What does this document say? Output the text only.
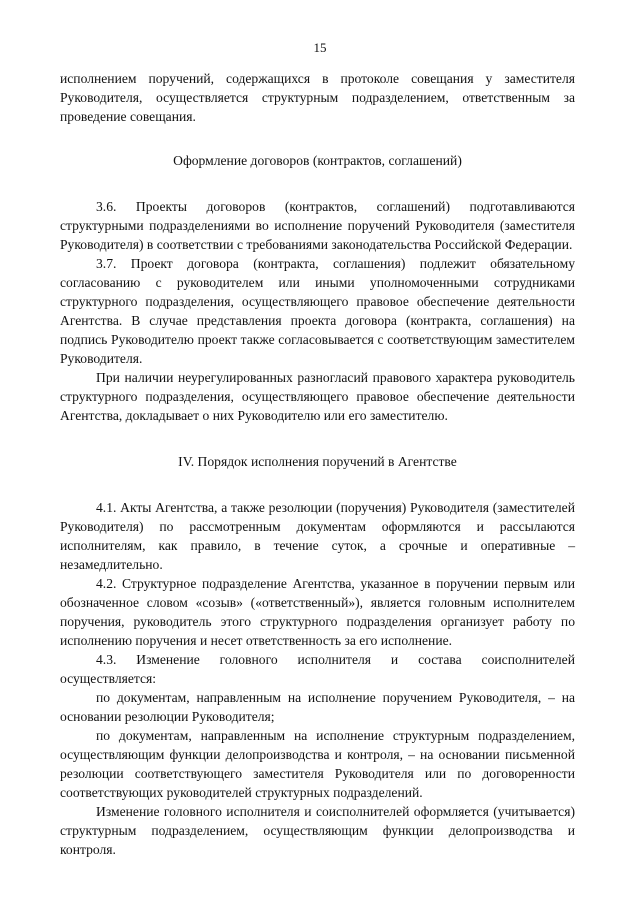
15

исполнением поручений, содержащихся в протоколе совещания у заместителя Руководителя, осуществляется структурным подразделением, ответственным за проведение совещания.

Оформление договоров (контрактов, соглашений)

3.6. Проекты договоров (контрактов, соглашений) подготавливаются структурными подразделениями во исполнение поручений Руководителя (заместителя Руководителя) в соответствии с требованиями законодательства Российской Федерации.

3.7. Проект договора (контракта, соглашения) подлежит обязательному согласованию с руководителем или иными уполномоченными сотрудниками структурного подразделения, осуществляющего правовое обеспечение деятельности Агентства. В случае представления проекта договора (контракта, соглашения) на подпись Руководителю проект также согласовывается с соответствующим заместителем Руководителя.

При наличии неурегулированных разногласий правового характера руководитель структурного подразделения, осуществляющего правовое обеспечение деятельности Агентства, докладывает о них Руководителю или его заместителю.

IV. Порядок исполнения поручений в Агентстве

4.1. Акты Агентства, а также резолюции (поручения) Руководителя (заместителей Руководителя) по рассмотренным документам оформляются и рассылаются исполнителям, как правило, в течение суток, а срочные и оперативные – незамедлительно.

4.2. Структурное подразделение Агентства, указанное в поручении первым или обозначенное словом «созыв» («ответственный»), является головным исполнителем поручения, руководитель этого структурного подразделения организует работу по исполнению поручения и несет ответственность за его исполнение.

4.3. Изменение головного исполнителя и состава соисполнителей осуществляется:

по документам, направленным на исполнение поручением Руководителя, – на основании резолюции Руководителя;

по документам, направленным на исполнение структурным подразделением, осуществляющим функции делопроизводства и контроля, – на основании письменной резолюции соответствующего заместителя Руководителя или по договоренности соответствующих руководителей структурных подразделений.

Изменение головного исполнителя и соисполнителей оформляется (учитывается) структурным подразделением, осуществляющим функции делопроизводства и контроля.
